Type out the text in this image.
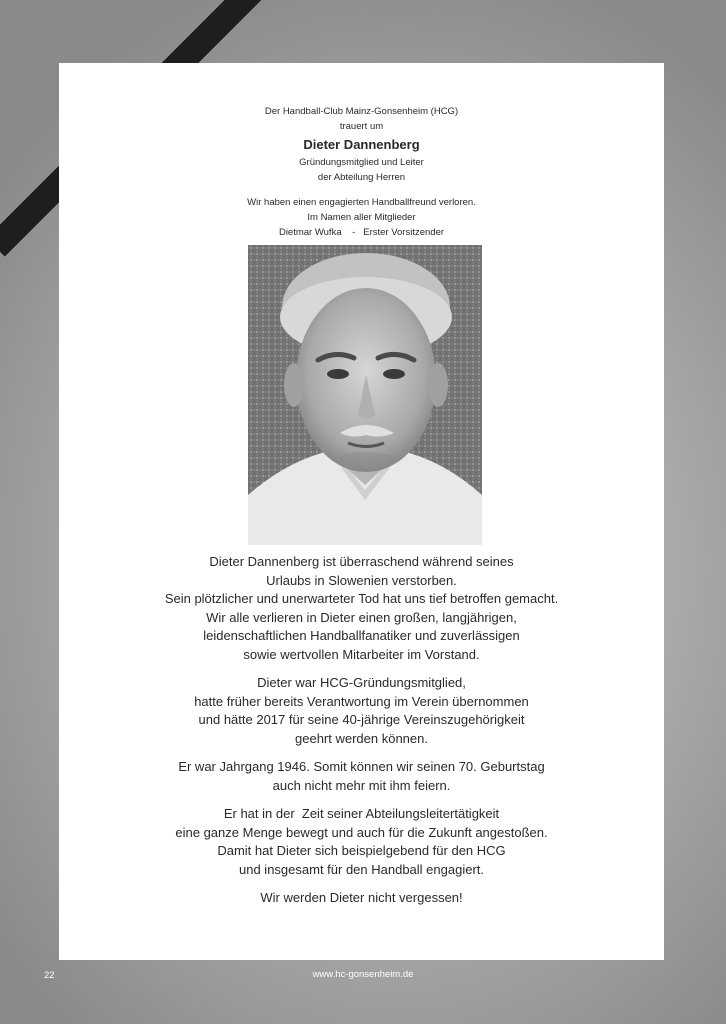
Der Handball-Club Mainz-Gonsenheim (HCG)
trauert um
Dieter Dannenberg
Gründungsmitglied und Leiter
der Abteilung Herren
Wir haben einen engagierten Handballfreund verloren.
Im Namen aller Mitglieder
Dietmar Wufka    -   Erster Vorsitzender
Dieter Dannenberg ist überraschend während seines
Urlaubs in Slowenien verstorben.
Sein plötzlicher und unerwarteter Tod hat uns tief betroffen gemacht.
Wir alle verlieren in Dieter einen großen, langjährigen,
leidenschaftlichen Handballfanatiker und zuverlässigen
sowie wertvollen Mitarbeiter im Vorstand.
Dieter war HCG-Gründungsmitglied,
hatte früher bereits Verantwortung im Verein übernommen
und hätte 2017 für seine 40-jährige Vereinszugehörigkeit
geehrt werden können.
Er war Jahrgang 1946. Somit können wir seinen 70. Geburtstag
auch nicht mehr mit ihm feiern.
Er hat in der  Zeit seiner Abteilungsleitertätigkeit
eine ganze Menge bewegt und auch für die Zukunft angestoßen.
Damit hat Dieter sich beispielgebend für den HCG
und insgesamt für den Handball engagiert.
Wir werden Dieter nicht vergessen!
22	www.hc-gonsenheim.de
